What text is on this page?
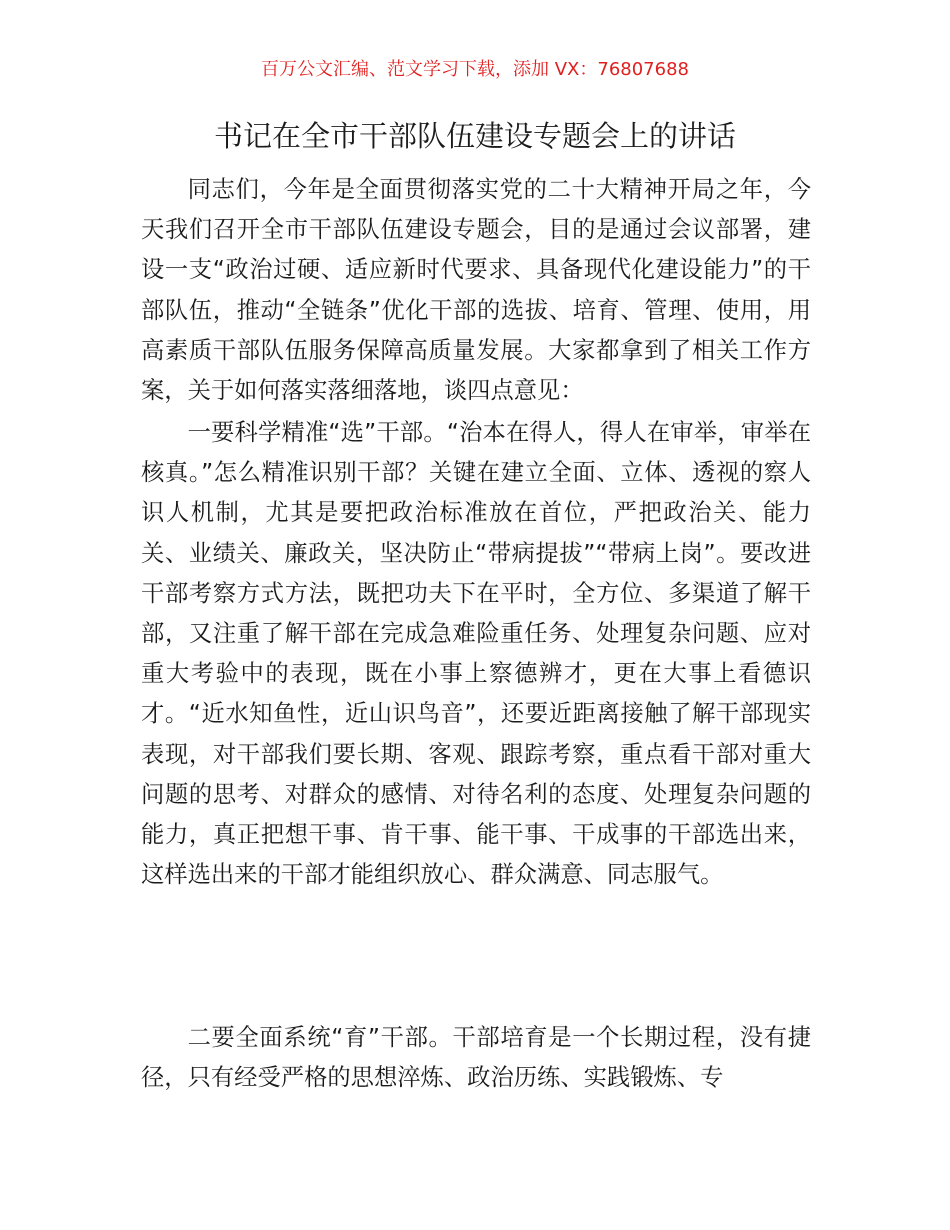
百万公文汇编、范文学习下载，添加 VX：76807688
书记在全市干部队伍建设专题会上的讲话

同志们，今年是全面贯彻落实党的二十大精神开局之年，今天我们召开全市干部队伍建设专题会，目的是通过会议部署，建设一支“政治过硬、适应新时代要求、具备现代化建设能力”的干部队伍，推动“全链条”优化干部的选拔、培育、管理、使用，用高素质干部队伍服务保障高质量发展。大家都拿到了相关工作方案，关于如何落实落细落地，谈四点意见：

一要科学精准“选”干部。“治本在得人，得人在审举，审举在核真。”怎么精准识别干部？关键在建立全面、立体、透视的察人识人机制，尤其是要把政治标准放在首位，严把政治关、能力关、业绩关、廉政关，坚决防止“带病提拔”“带病上岗”。要改进干部考察方式方法，既把功夫下在平时，全方位、多渠道了解干部，又注重了解干部在完成急难险重任务、处理复杂问题、应对重大考验中的表现，既在小事上察德辨才，更在大事上看德识才。“近水知鱼性，近山识鸟音”，还要近距离接触了解干部现实表现，对干部我们要长期、客观、跟踪考察，重点看干部对重大问题的思考、对群众的感情、对待名利的态度、处理复杂问题的能力，真正把想干事、肯干事、能干事、干成事的干部选出来，这样选出来的干部才能组织放心、群众满意、同志服气。

二要全面系统“育”干部。干部培育是一个长期过程，没有捷径，只有经受严格的思想淬炼、政治历练、实践锻炼、专
